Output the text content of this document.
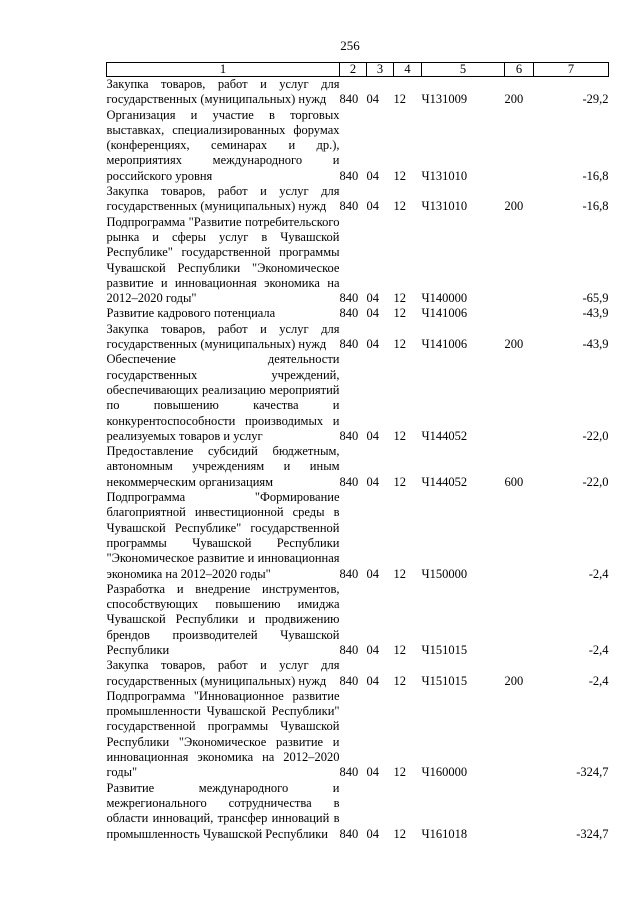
256
1	2	3	4	5	6	7
Закупка товаров, работ и услуг для государственных (муниципальных) нужд	840	04	12	Ч131009	200	-29,2
Организация и участие в торговых выставках, специализированных форумах (конференциях, семинарах и др.), мероприятиях международного и российского уровня	840	04	12	Ч131010		-16,8
Закупка товаров, работ и услуг для государственных (муниципальных) нужд	840	04	12	Ч131010	200	-16,8
Подпрограмма "Развитие потребительского рынка и сферы услуг в Чувашской Республике" государственной программы Чувашской Республики "Экономическое развитие и инновационная экономика на 2012–2020 годы"	840	04	12	Ч140000		-65,9
Развитие кадрового потенциала	840	04	12	Ч141006		-43,9
Закупка товаров, работ и услуг для государственных (муниципальных) нужд	840	04	12	Ч141006	200	-43,9
Обеспечение деятельности государственных учреждений, обеспечивающих реализацию мероприятий по повышению качества и конкурентоспособности производимых и реализуемых товаров и услуг	840	04	12	Ч144052		-22,0
Предоставление субсидий бюджетным, автономным учреждениям и иным некоммерческим организациям	840	04	12	Ч144052	600	-22,0
Подпрограмма "Формирование благоприятной инвестиционной среды в Чувашской Республике" государственной программы Чувашской Республики "Экономическое развитие и инновационная экономика на 2012–2020 годы"	840	04	12	Ч150000		-2,4
Разработка и внедрение инструментов, способствующих повышению имиджа Чувашской Республики и продвижению брендов производителей Чувашской Республики	840	04	12	Ч151015		-2,4
Закупка товаров, работ и услуг для государственных (муниципальных) нужд	840	04	12	Ч151015	200	-2,4
Подпрограмма "Инновационное развитие промышленности Чувашской Республики" государственной программы Чувашской Республики "Экономическое развитие и инновационная экономика на 2012–2020 годы"	840	04	12	Ч160000		-324,7
Развитие международного и межрегионального сотрудничества в области инноваций, трансфер инноваций в промышленность Чувашской Республики	840	04	12	Ч161018		-324,7
